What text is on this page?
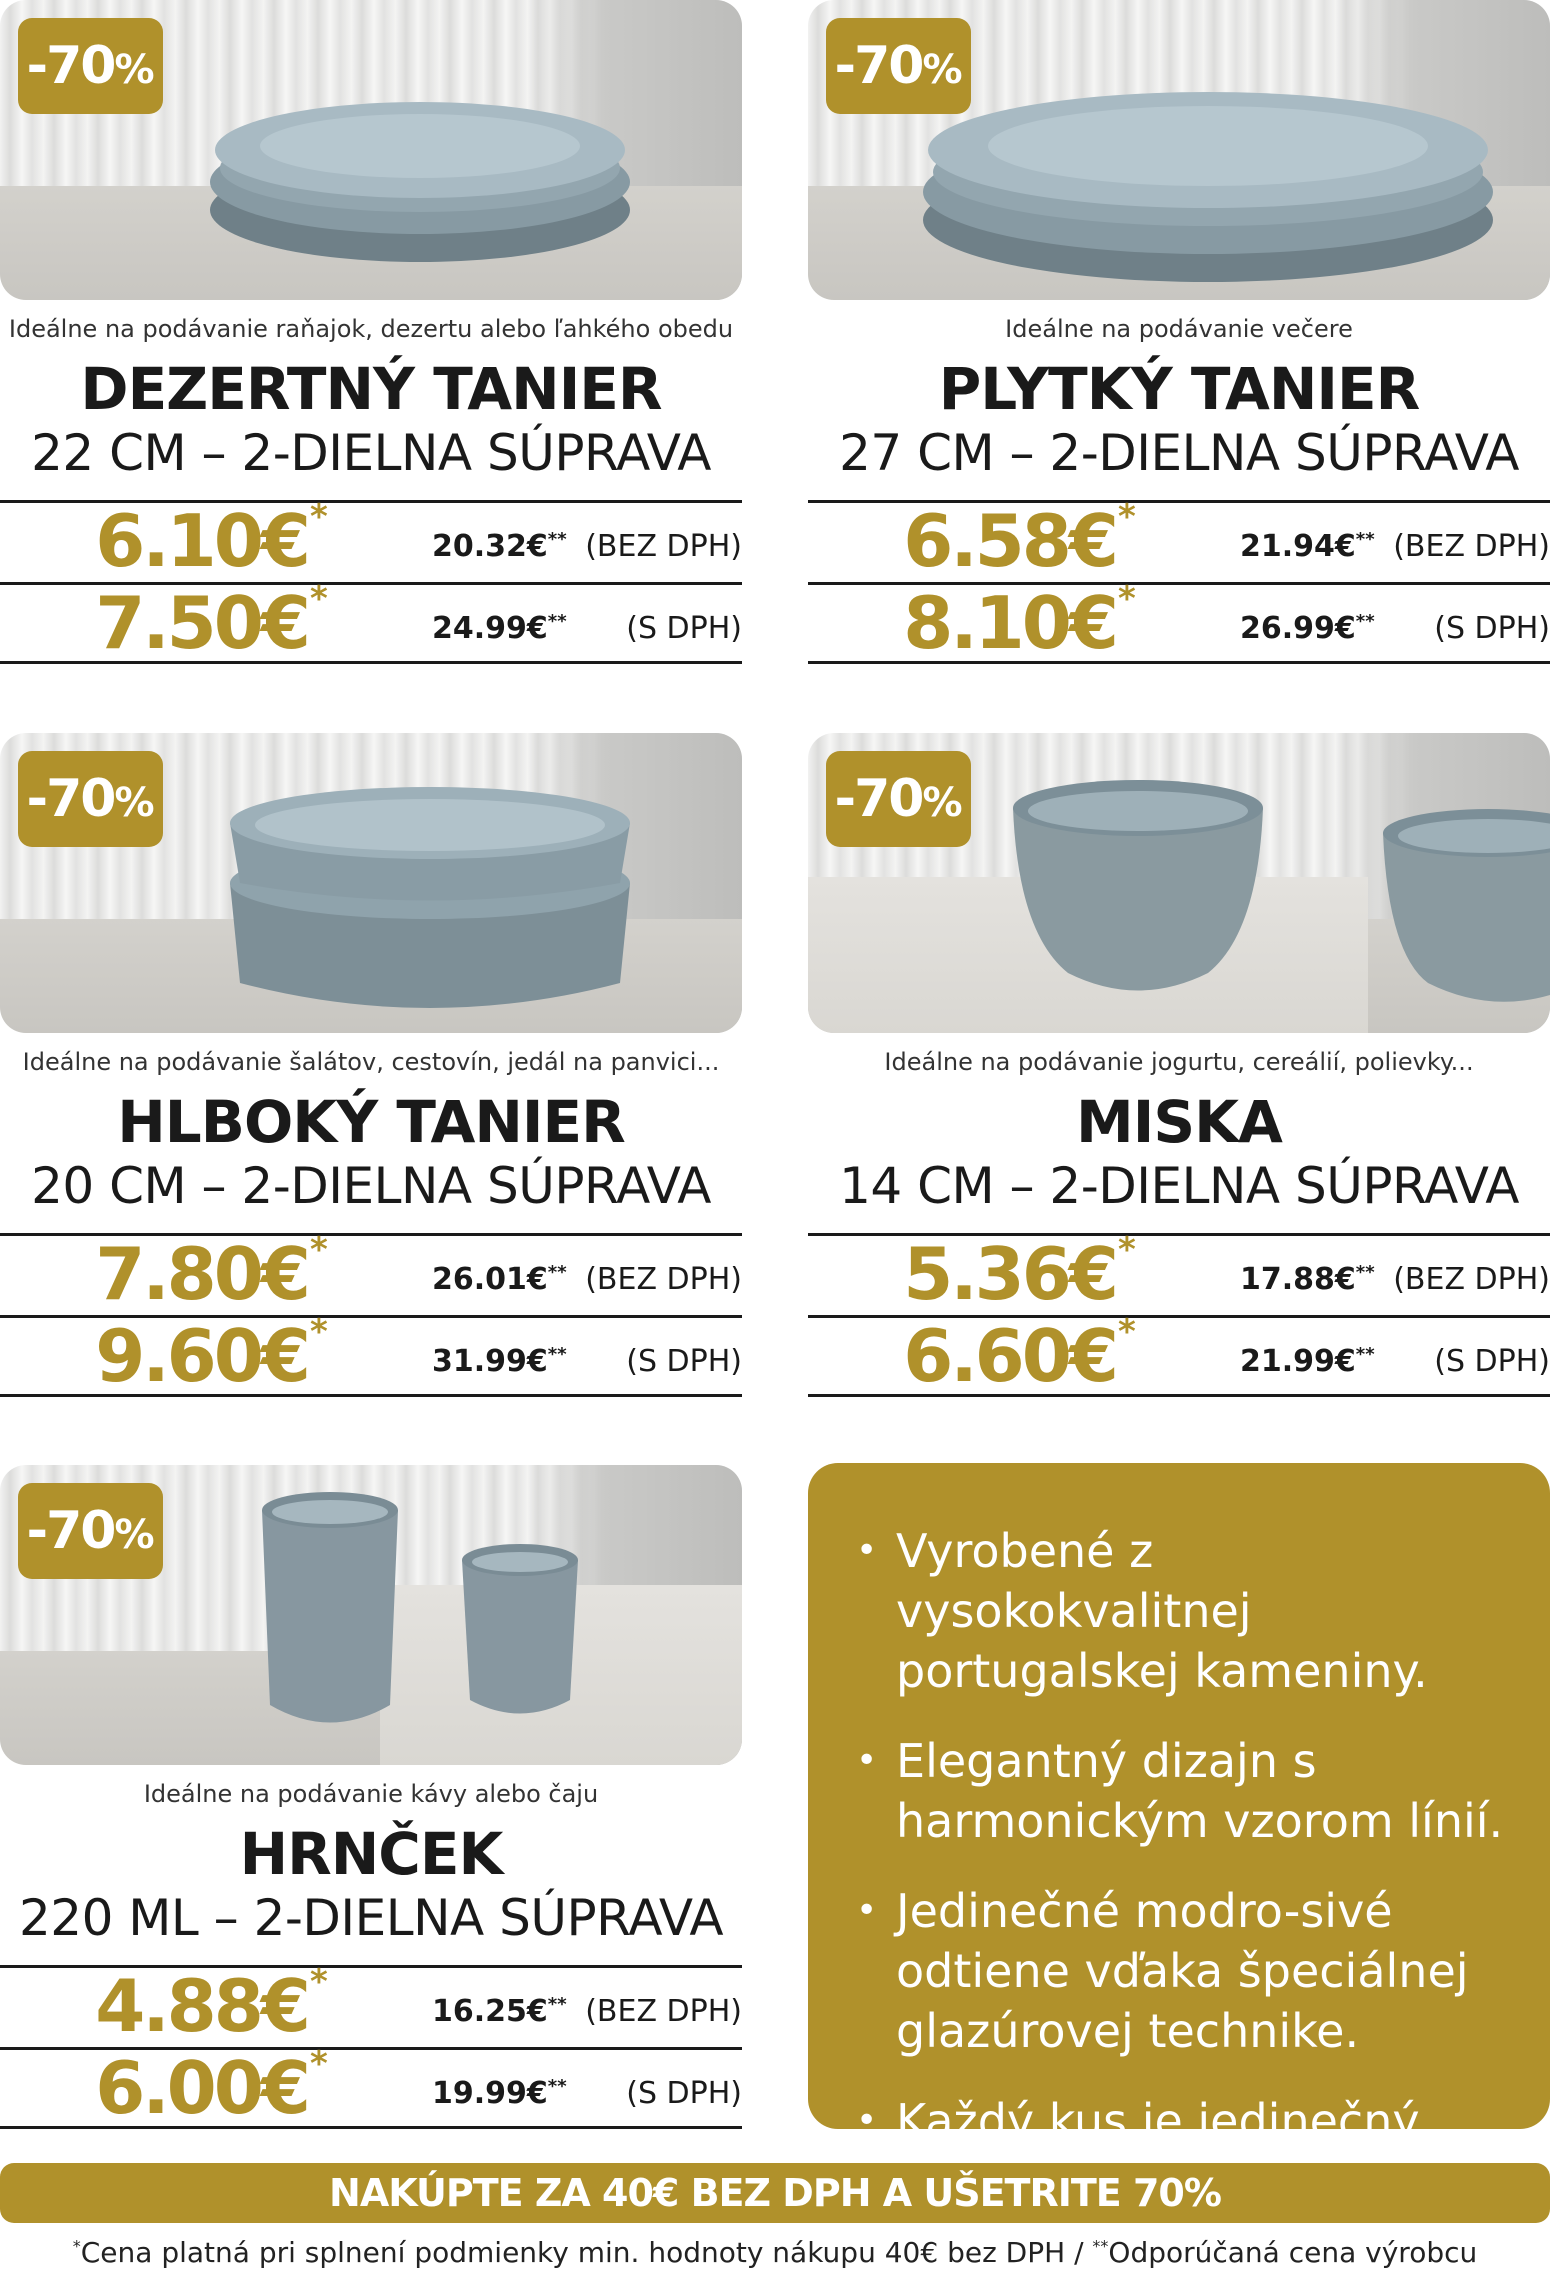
-70 %
Ideálne na podávanie raňajok, dezertu alebo ľahkého obedu
DEZERTNÝ TANIER
22 CM – 2-DIELNA SÚPRAVA
6.10€*
20.32€** (BEZ DPH)
7.50€*
24.99€** (S DPH)
-70 %
Ideálne na podávanie večere
PLYTKÝ TANIER
27 CM – 2-DIELNA SÚPRAVA
6.58€*
21.94€** (BEZ DPH)
8.10€*
26.99€** (S DPH)
-70 %
Ideálne na podávanie šalátov, cestovín, jedál na panvici...
HLBOKÝ TANIER
20 CM – 2-DIELNA SÚPRAVA
7.80€*
26.01€** (BEZ DPH)
9.60€*
31.99€** (S DPH)
-70 %
Ideálne na podávanie jogurtu, cereálií, polievky...
MISKA
14 CM – 2-DIELNA SÚPRAVA
5.36€*
17.88€** (BEZ DPH)
6.60€*
21.99€** (S DPH)
-70 %
Ideálne na podávanie kávy alebo čaju
HRNČEK
220 ML – 2-DIELNA SÚPRAVA
4.88€*
16.25€** (BEZ DPH)
6.00€*
19.99€** (S DPH)
• Vyrobené z vysokokvalitnej portugalskej kameniny.
• Elegantný dizajn s harmonickým vzorom línií.
• Jedinečné modro-sivé odtiene vďaka špeciálnej glazúrovej technike.
• Každý kus je jedinečný.
NAKÚPTE ZA 40€ BEZ DPH A UŠETRITE 70%
*Cena platná pri splnení podmienky min. hodnoty nákupu 40€ bez DPH / **Odporúčaná cena výrobcu
